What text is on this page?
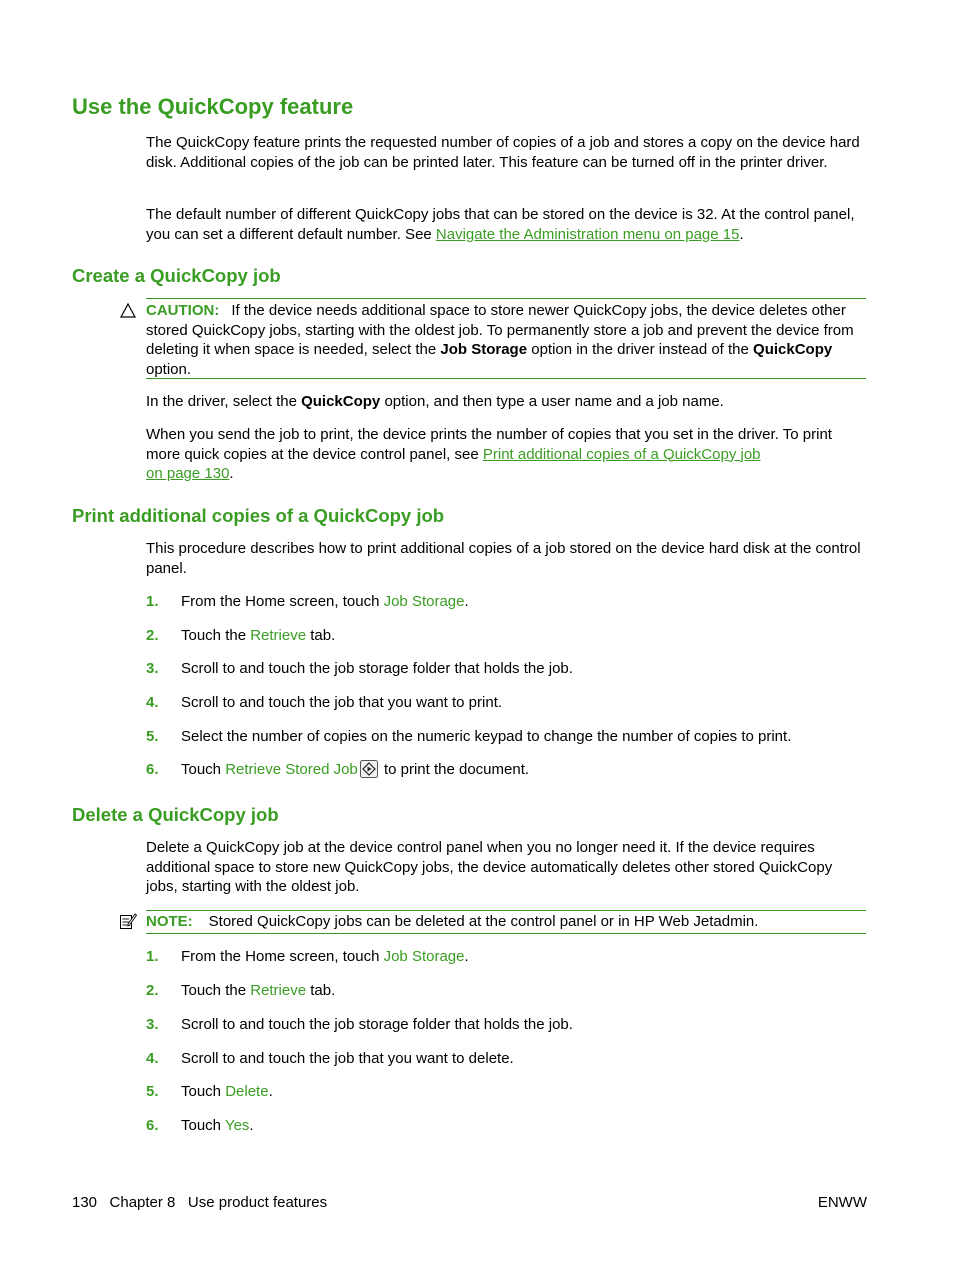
Use the QuickCopy feature

The QuickCopy feature prints the requested number of copies of a job and stores a copy on the device hard disk. Additional copies of the job can be printed later. This feature can be turned off in the printer driver.

The default number of different QuickCopy jobs that can be stored on the device is 32. At the control panel, you can set a different default number. See Navigate the Administration menu on page 15.

Create a QuickCopy job

CAUTION: If the device needs additional space to store newer QuickCopy jobs, the device deletes other stored QuickCopy jobs, starting with the oldest job. To permanently store a job and prevent the device from deleting it when space is needed, select the Job Storage option in the driver instead of the QuickCopy option.

In the driver, select the QuickCopy option, and then type a user name and a job name.

When you send the job to print, the device prints the number of copies that you set in the driver. To print more quick copies at the device control panel, see Print additional copies of a QuickCopy job
on page 130.

Print additional copies of a QuickCopy job

This procedure describes how to print additional copies of a job stored on the device hard disk at the control panel.

1. From the Home screen, touch Job Storage.
2. Touch the Retrieve tab.
3. Scroll to and touch the job storage folder that holds the job.
4. Scroll to and touch the job that you want to print.
5. Select the number of copies on the numeric keypad to change the number of copies to print.
6. Touch Retrieve Stored Job to print the document.
Delete a QuickCopy job

Delete a QuickCopy job at the device control panel when you no longer need it. If the device requires additional space to store new QuickCopy jobs, the device automatically deletes other stored QuickCopy jobs, starting with the oldest job.

NOTE: Stored QuickCopy jobs can be deleted at the control panel or in HP Web Jetadmin.

1. From the Home screen, touch Job Storage.
2. Touch the Retrieve tab.
3. Scroll to and touch the job storage folder that holds the job.
4. Scroll to and touch the job that you want to delete.
5. Touch Delete.
6. Touch Yes.
130   Chapter 8   Use product features	ENWW
